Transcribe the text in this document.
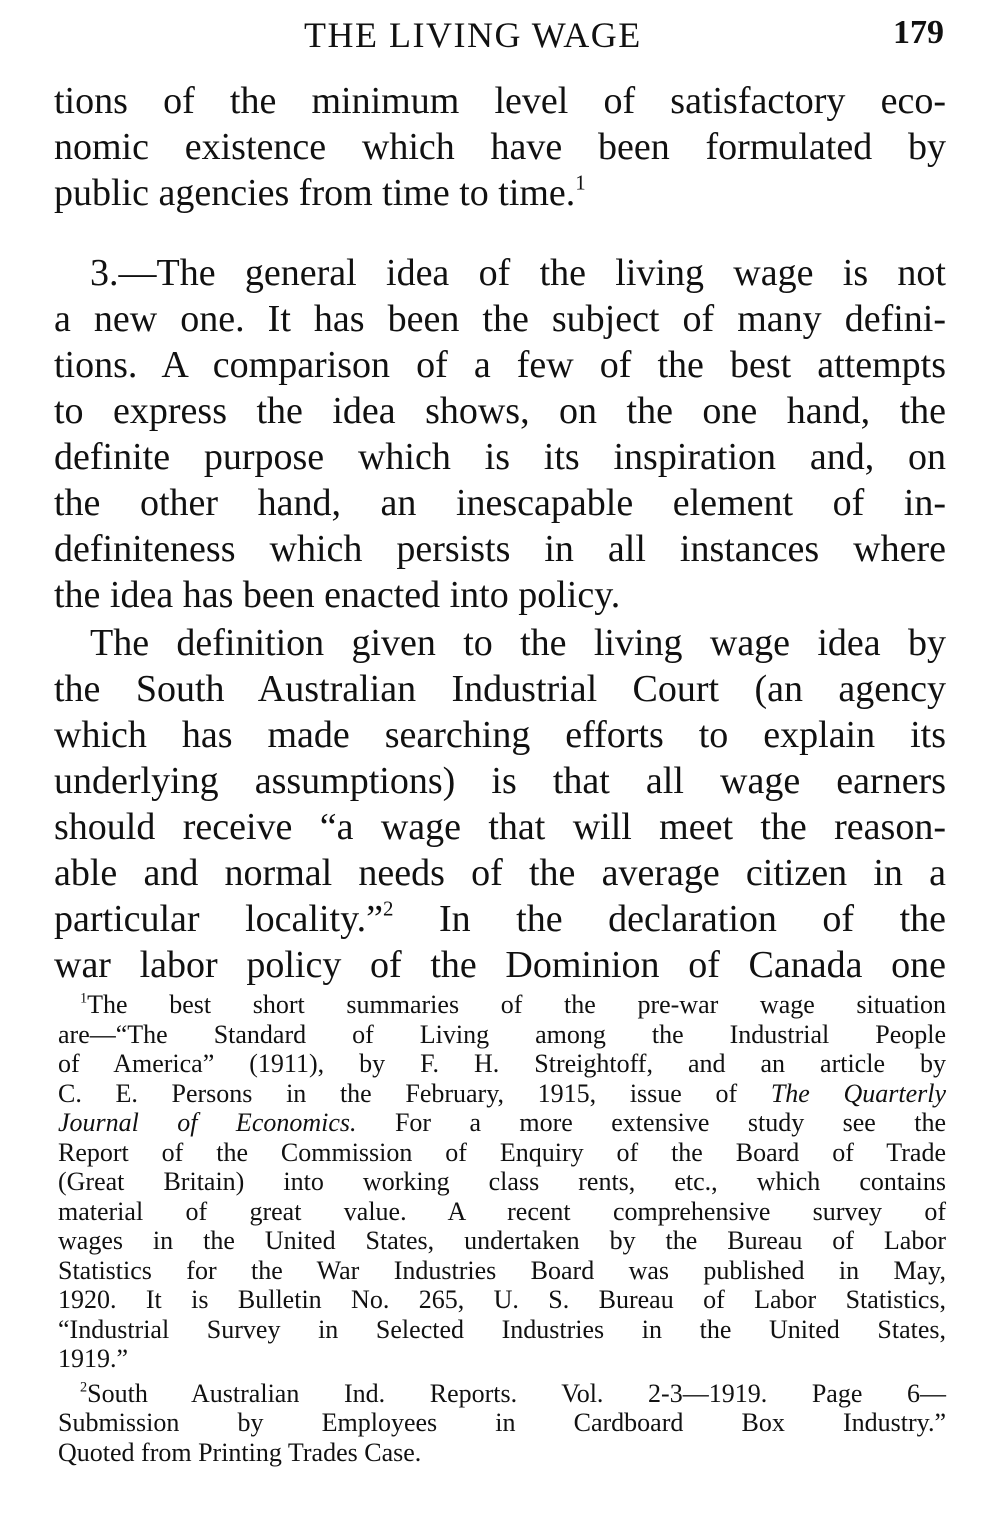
THE LIVING WAGE	179
tions of the minimum level of satisfactory eco-
nomic existence which have been formulated by
public agencies from time to time.$^1$
3.—The general idea of the living wage is not
a new one. It has been the subject of many defini-
tions. A comparison of a few of the best attempts
to express the idea shows, on the one hand, the
definite purpose which is its inspiration and, on
the other hand, an inescapable element of in-
definiteness which persists in all instances where
the idea has been enacted into policy.
The definition given to the living wage idea by
the South Australian Industrial Court (an agency
which has made searching efforts to explain its
underlying assumptions) is that all wage earners
should receive “a wage that will meet the reason-
able and normal needs of the average citizen in a
particular locality.”$^2$ In the declaration of the
war labor policy of the Dominion of Canada one
$^1$The best short summaries of the pre-war wage situation
are—“The Standard of Living among the Industrial People
of America” (1911), by F. H. Streightoff, and an article by
C. E. Persons in the February, 1915, issue of The Quarterly
Journal of Economics. For a more extensive study see the
Report of the Commission of Enquiry of the Board of Trade
(Great Britain) into working class rents, etc., which contains
material of great value. A recent comprehensive survey of
wages in the United States, undertaken by the Bureau of Labor
Statistics for the War Industries Board was published in May,
1920. It is Bulletin No. 265, U. S. Bureau of Labor Statistics,
“Industrial Survey in Selected Industries in the United States,
1919.”
$^2$South Australian Ind. Reports. Vol. 2-3—1919. Page 6—
Submission by Employees in Cardboard Box Industry.”
Quoted from Printing Trades Case.
